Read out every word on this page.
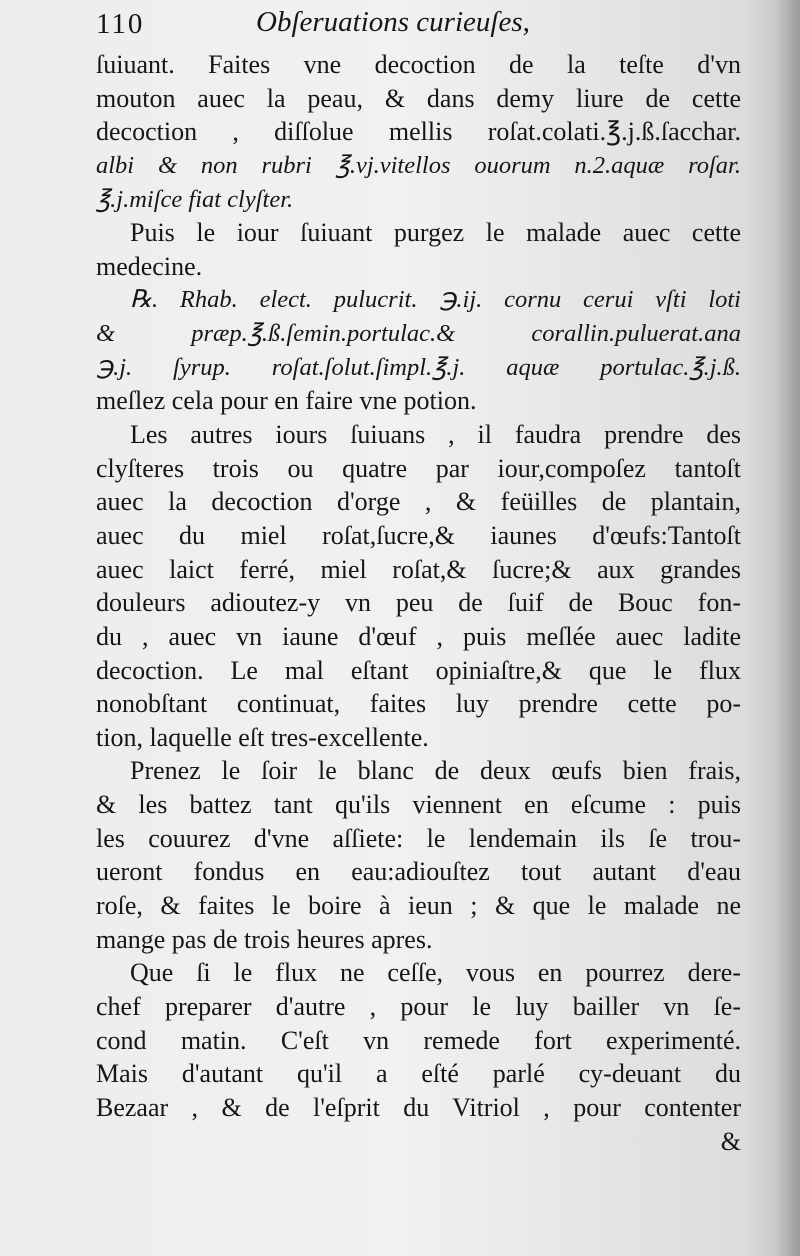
110	Obſeruations curieuſes,
ſuiuant. Faites vne decoction de la teſte d'vn
mouton auec la peau, & dans demy liure de cette
decoction , diſſolue mellis roſat.colati.℥.j.ß.ſacchar.
albi & non rubri ℥.vj.vitellos ouorum n.2.aquæ roſar.
℥.j.miſce fiat clyſter.
Puis le iour ſuiuant purgez le malade auec cette
medecine.
℞. Rhab. elect. pulucrit. ℈.ij. cornu cerui vſti loti
& præp.℥.ß.ſemin.portulac.& corallin.puluerat.ana
℈.j. ſyrup. roſat.ſolut.ſimpl.℥.j. aquæ portulac.℥.j.ß.
meſlez cela pour en faire vne potion.
Les autres iours ſuiuans , il faudra prendre des
clyſteres trois ou quatre par iour,compoſez tantoſt
auec la decoction d'orge , & feüilles de plantain,
auec du miel roſat,ſucre,& iaunes d'œufs:Tantoſt
auec laict ferré, miel roſat,& ſucre;& aux grandes
douleurs adioutez-y vn peu de ſuif de Bouc fon-
du , auec vn iaune d'œuf , puis meſlée auec ladite
decoction. Le mal eſtant opiniaſtre,& que le flux
nonobſtant continuat, faites luy prendre cette po-
tion, laquelle eſt tres-excellente.
Prenez le ſoir le blanc de deux œufs bien frais,
& les battez tant qu'ils viennent en eſcume : puis
les couurez d'vne aſſiete: le lendemain ils ſe trou-
ueront fondus en eau:adiouſtez tout autant d'eau
roſe, & faites le boire à ieun ; & que le malade ne
mange pas de trois heures apres.
Que ſi le flux ne ceſſe, vous en pourrez dere-
chef preparer d'autre , pour le luy bailler vn ſe-
cond matin. C'eſt vn remede fort experimenté.
Mais d'autant qu'il a eſté parlé cy-deuant du
Bezaar , & de l'eſprit du Vitriol , pour contenter
&
